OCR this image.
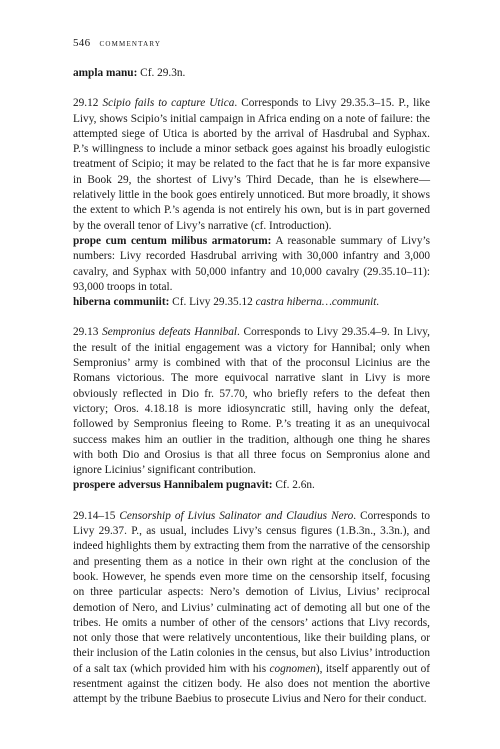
546 commentary

ampla manu: Cf. 29.3n.

29.12 Scipio fails to capture Utica. Corresponds to Livy 29.35.3–15. P., like Livy, shows Scipio’s initial campaign in Africa ending on a note of failure: the attempted siege of Utica is aborted by the arrival of Hasdrubal and Syphax. P.’s willingness to include a minor setback goes against his broadly eulogistic treatment of Scipio; it may be related to the fact that he is far more expansive in Book 29, the shortest of Livy’s Third Decade, than he is elsewhere—relatively little in the book goes entirely unnoticed. But more broadly, it shows the extent to which P.’s agenda is not entirely his own, but is in part governed by the overall tenor of Livy’s narrative (cf. Introduction).

prope cum centum milibus armatorum: A reasonable summary of Livy’s numbers: Livy recorded Hasdrubal arriving with 30,000 infantry and 3,000 cavalry, and Syphax with 50,000 infantry and 10,000 cavalry (29.35.10–11): 93,000 troops in total.

hiberna communiit: Cf. Livy 29.35.12 castra hiberna…communit.

29.13 Sempronius defeats Hannibal. Corresponds to Livy 29.35.4–9. In Livy, the result of the initial engagement was a victory for Hannibal; only when Sempronius’ army is combined with that of the proconsul Licinius are the Romans victorious. The more equivocal narrative slant in Livy is more obviously reflected in Dio fr. 57.70, who briefly refers to the defeat then victory; Oros. 4.18.18 is more idiosyncratic still, having only the defeat, followed by Sempronius fleeing to Rome. P.’s treating it as an unequivocal success makes him an outlier in the tradition, although one thing he shares with both Dio and Orosius is that all three focus on Sempronius alone and ignore Licinius’ significant contribution.

prospere adversus Hannibalem pugnavit: Cf. 2.6n.

29.14–15 Censorship of Livius Salinator and Claudius Nero. Corresponds to Livy 29.37. P., as usual, includes Livy’s census figures (1.B.3n., 3.3n.), and indeed highlights them by extracting them from the narrative of the censorship and presenting them as a notice in their own right at the conclusion of the book. However, he spends even more time on the censorship itself, focusing on three particular aspects: Nero’s demotion of Livius, Livius’ reciprocal demotion of Nero, and Livius’ culminating act of demoting all but one of the tribes. He omits a number of other of the censors’ actions that Livy records, not only those that were relatively uncontentious, like their building plans, or their inclusion of the Latin colonies in the census, but also Livius’ introduction of a salt tax (which provided him with his cognomen), itself apparently out of resentment against the citizen body. He also does not mention the abortive attempt by the tribune Baebius to prosecute Livius and Nero for their conduct.
